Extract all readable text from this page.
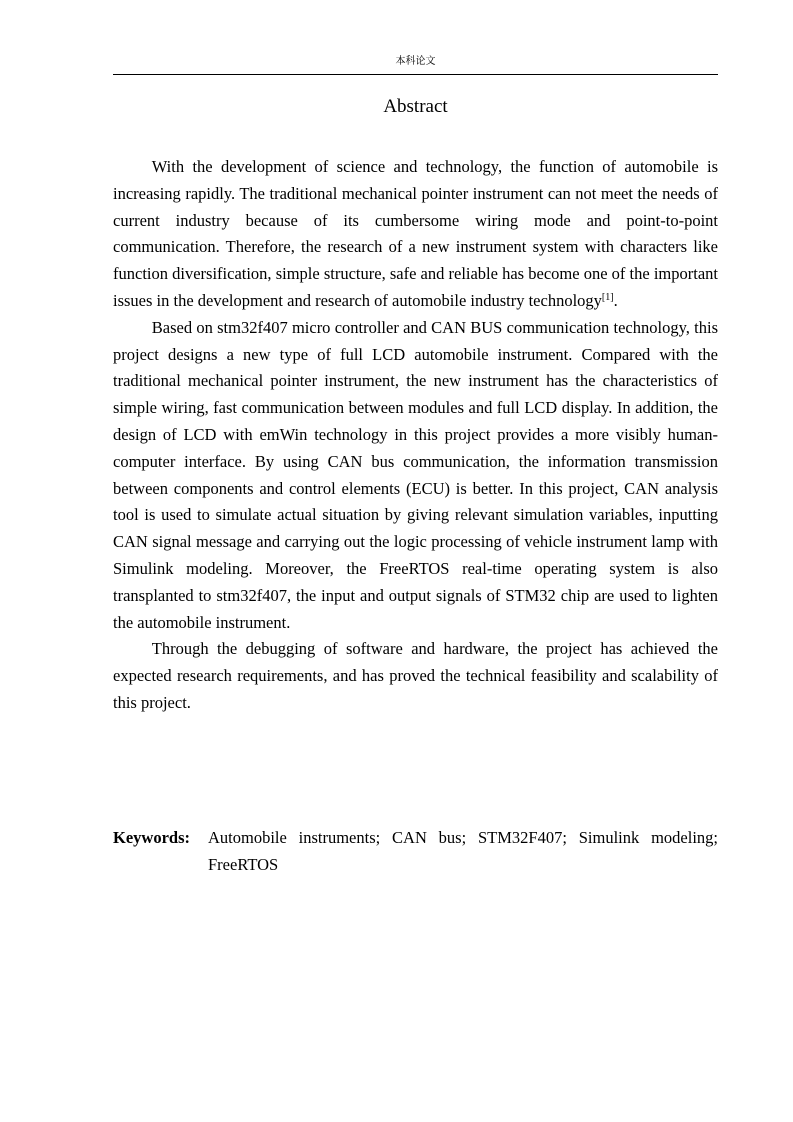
本科论文
Abstract

With the development of science and technology, the function of automobile is increasing rapidly. The traditional mechanical pointer instrument can not meet the needs of current industry because of its cumbersome wiring mode and point-to-point communication. Therefore, the research of a new instrument system with characters like function diversification, simple structure, safe and reliable has become one of the important issues in the development and research of automobile industry technology[1].

Based on stm32f407 micro controller and CAN BUS communication technology, this project designs a new type of full LCD automobile instrument. Compared with the traditional mechanical pointer instrument, the new instrument has the characteristics of simple wiring, fast communication between modules and full LCD display. In addition, the design of LCD with emWin technology in this project provides a more visibly human-computer interface. By using CAN bus communication, the information transmission between components and control elements (ECU) is better. In this project, CAN analysis tool is used to simulate actual situation by giving relevant simulation variables, inputting CAN signal message and carrying out the logic processing of vehicle instrument lamp with Simulink modeling. Moreover, the FreeRTOS real-time operating system is also transplanted to stm32f407, the input and output signals of STM32 chip are used to lighten the automobile instrument.

Through the debugging of software and hardware, the project has achieved the expected research requirements, and has proved the technical feasibility and scalability of this project.

Keywords:	Automobile instruments; CAN bus; STM32F407; Simulink modeling; FreeRTOS
